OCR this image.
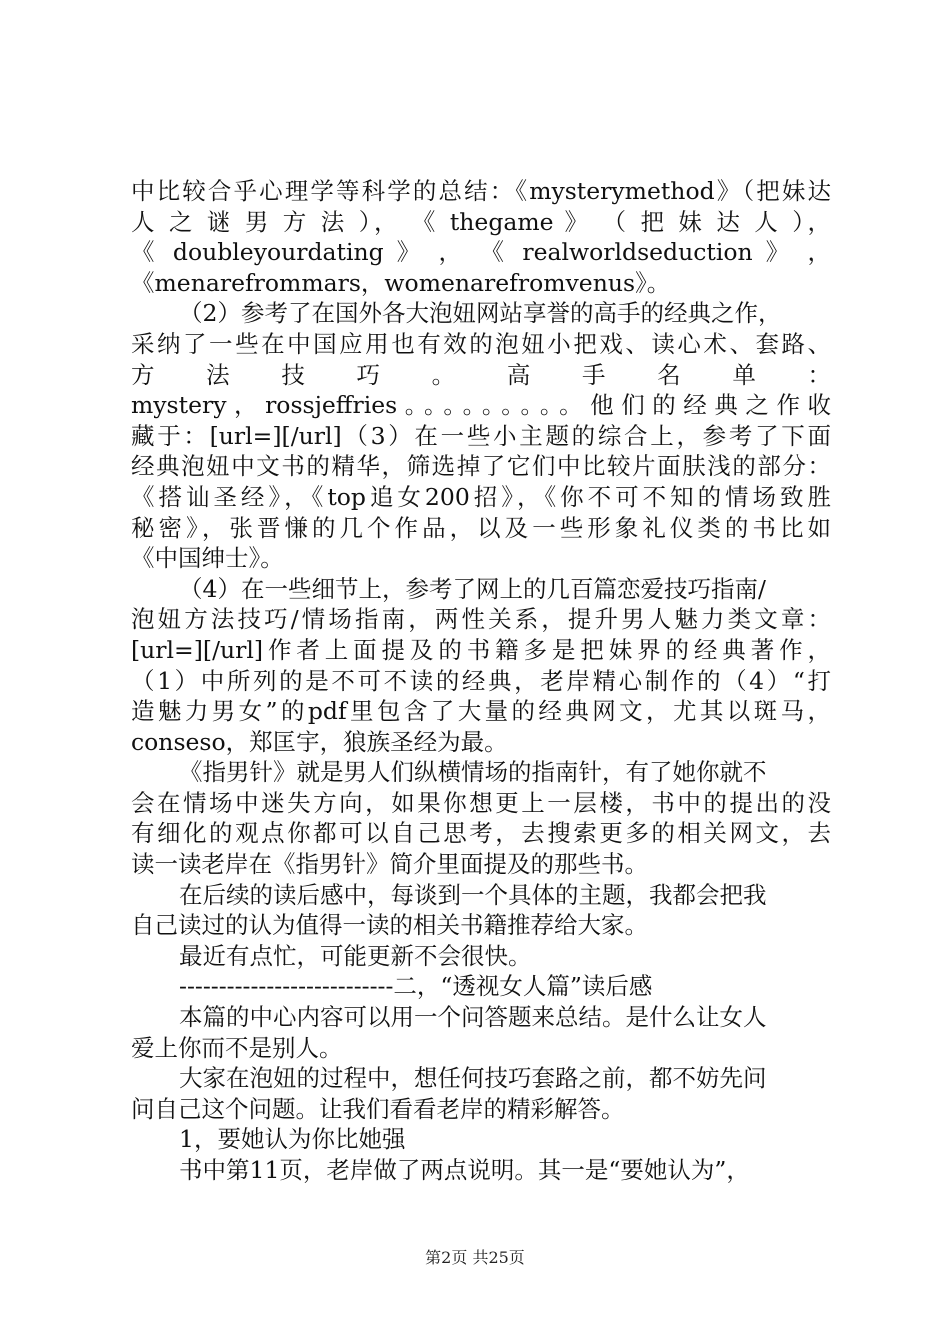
中比较合乎心理学等科学的总结：《mysterymethod》（把妹达
人 之 谜 男 方 法 ）， 《 thegame 》 （ 把 妹 达 人 ），
《 doubleyourdating 》 ， 《 realworldseduction 》 ，
《menarefrommars，womenarefromvenus》。
（2）参考了在国外各大泡妞网站享誉的高手的经典之作，
采纳了一些在中国应用也有效的泡妞小把戏、读心术、套路、
方 法 技 巧 。 高 手 名 单 ：
mystery，rossjeffries。。。。。。。。。他们的经典之作收
藏于：[url=][/url]（3）在一些小主题的综合上，参考了下面
经典泡妞中文书的精华，筛选掉了它们中比较片面肤浅的部分：
《搭讪圣经》，《top追女200招》，《你不可不知的情场致胜
秘密》，张晋慊的几个作品，以及一些形象礼仪类的书比如
《中国绅士》。
（4）在一些细节上，参考了网上的几百篇恋爱技巧指南/
泡妞方法技巧/情场指南，两性关系，提升男人魅力类文章：
[url=][/url]作者上面提及的书籍多是把妹界的经典著作，
（1）中所列的是不可不读的经典，老岸精心制作的（4）“打
造魅力男女”的pdf里包含了大量的经典网文，尤其以斑马，
conseso，郑匡宇，狼族圣经为最。
《指男针》就是男人们纵横情场的指南针，有了她你就不
会在情场中迷失方向，如果你想更上一层楼，书中的提出的没
有细化的观点你都可以自己思考，去搜索更多的相关网文，去
读一读老岸在《指男针》简介里面提及的那些书。
在后续的读后感中，每谈到一个具体的主题，我都会把我
自己读过的认为值得一读的相关书籍推荐给大家。
最近有点忙，可能更新不会很快。
---------------------------二，“透视女人篇”读后感
本篇的中心内容可以用一个问答题来总结。是什么让女人
爱上你而不是别人。
大家在泡妞的过程中，想任何技巧套路之前，都不妨先问
问自己这个问题。让我们看看老岸的精彩解答。
1，要她认为你比她强
书中第11页，老岸做了两点说明。其一是“要她认为”，
第2页 共25页
